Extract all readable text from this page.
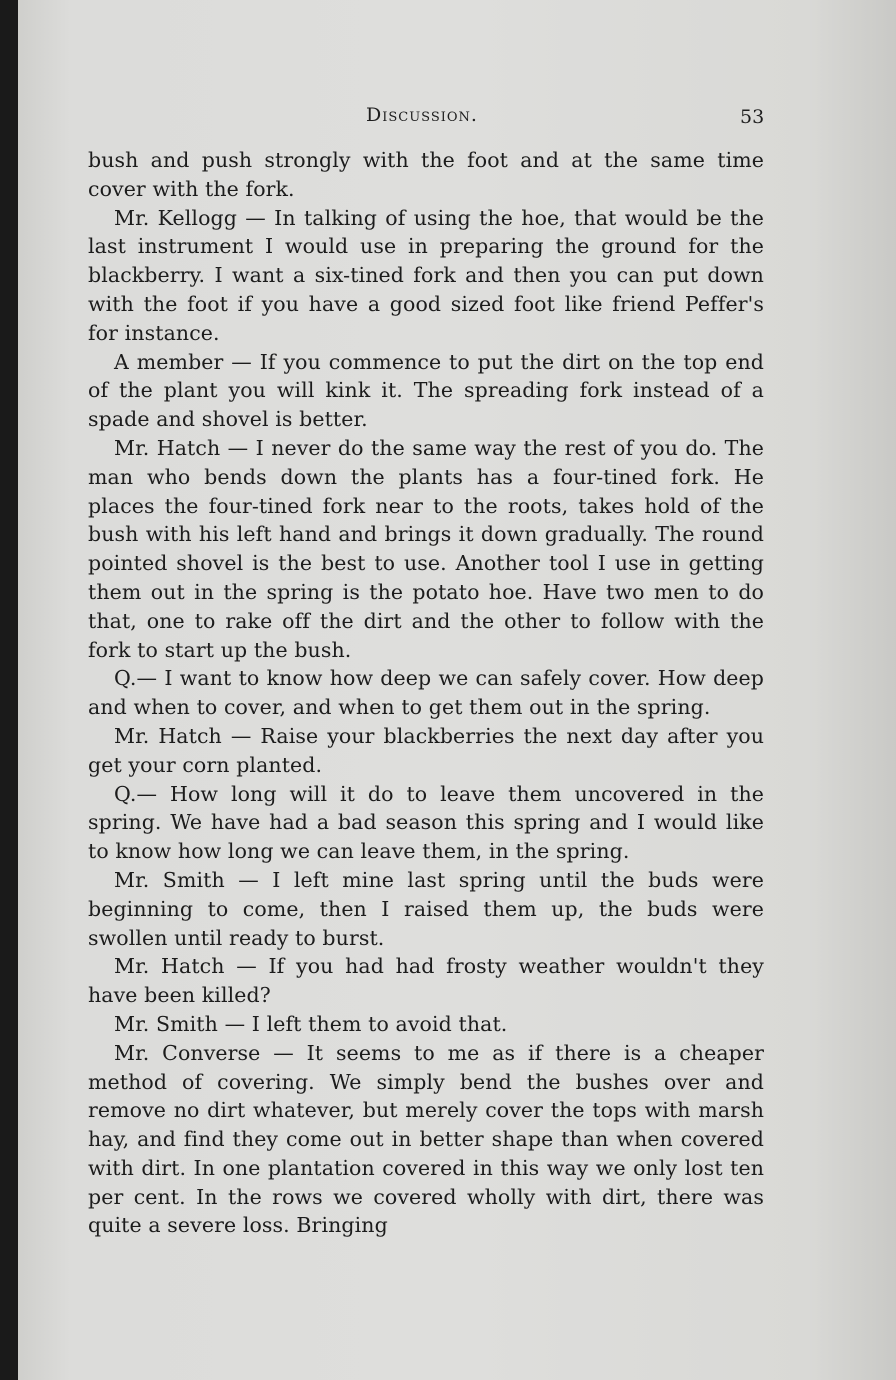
Discussion.	53

bush and push strongly with the foot and at the same time cover with the fork.

Mr. Kellogg — In talking of using the hoe, that would be the last instrument I would use in preparing the ground for the blackberry. I want a six-tined fork and then you can put down with the foot if you have a good sized foot like friend Peffer's for instance.

A member — If you commence to put the dirt on the top end of the plant you will kink it. The spreading fork instead of a spade and shovel is better.

Mr. Hatch — I never do the same way the rest of you do. The man who bends down the plants has a four-tined fork. He places the four-tined fork near to the roots, takes hold of the bush with his left hand and brings it down gradually. The round pointed shovel is the best to use. Another tool I use in getting them out in the spring is the potato hoe. Have two men to do that, one to rake off the dirt and the other to follow with the fork to start up the bush.

Q.— I want to know how deep we can safely cover. How deep and when to cover, and when to get them out in the spring.

Mr. Hatch — Raise your blackberries the next day after you get your corn planted.

Q.— How long will it do to leave them uncovered in the spring. We have had a bad season this spring and I would like to know how long we can leave them, in the spring.

Mr. Smith — I left mine last spring until the buds were beginning to come, then I raised them up, the buds were swollen until ready to burst.

Mr. Hatch — If you had had frosty weather wouldn't they have been killed?

Mr. Smith — I left them to avoid that.

Mr. Converse — It seems to me as if there is a cheaper method of covering. We simply bend the bushes over and remove no dirt whatever, but merely cover the tops with marsh hay, and find they come out in better shape than when covered with dirt. In one plantation covered in this way we only lost ten per cent. In the rows we covered wholly with dirt, there was quite a severe loss. Bringing
